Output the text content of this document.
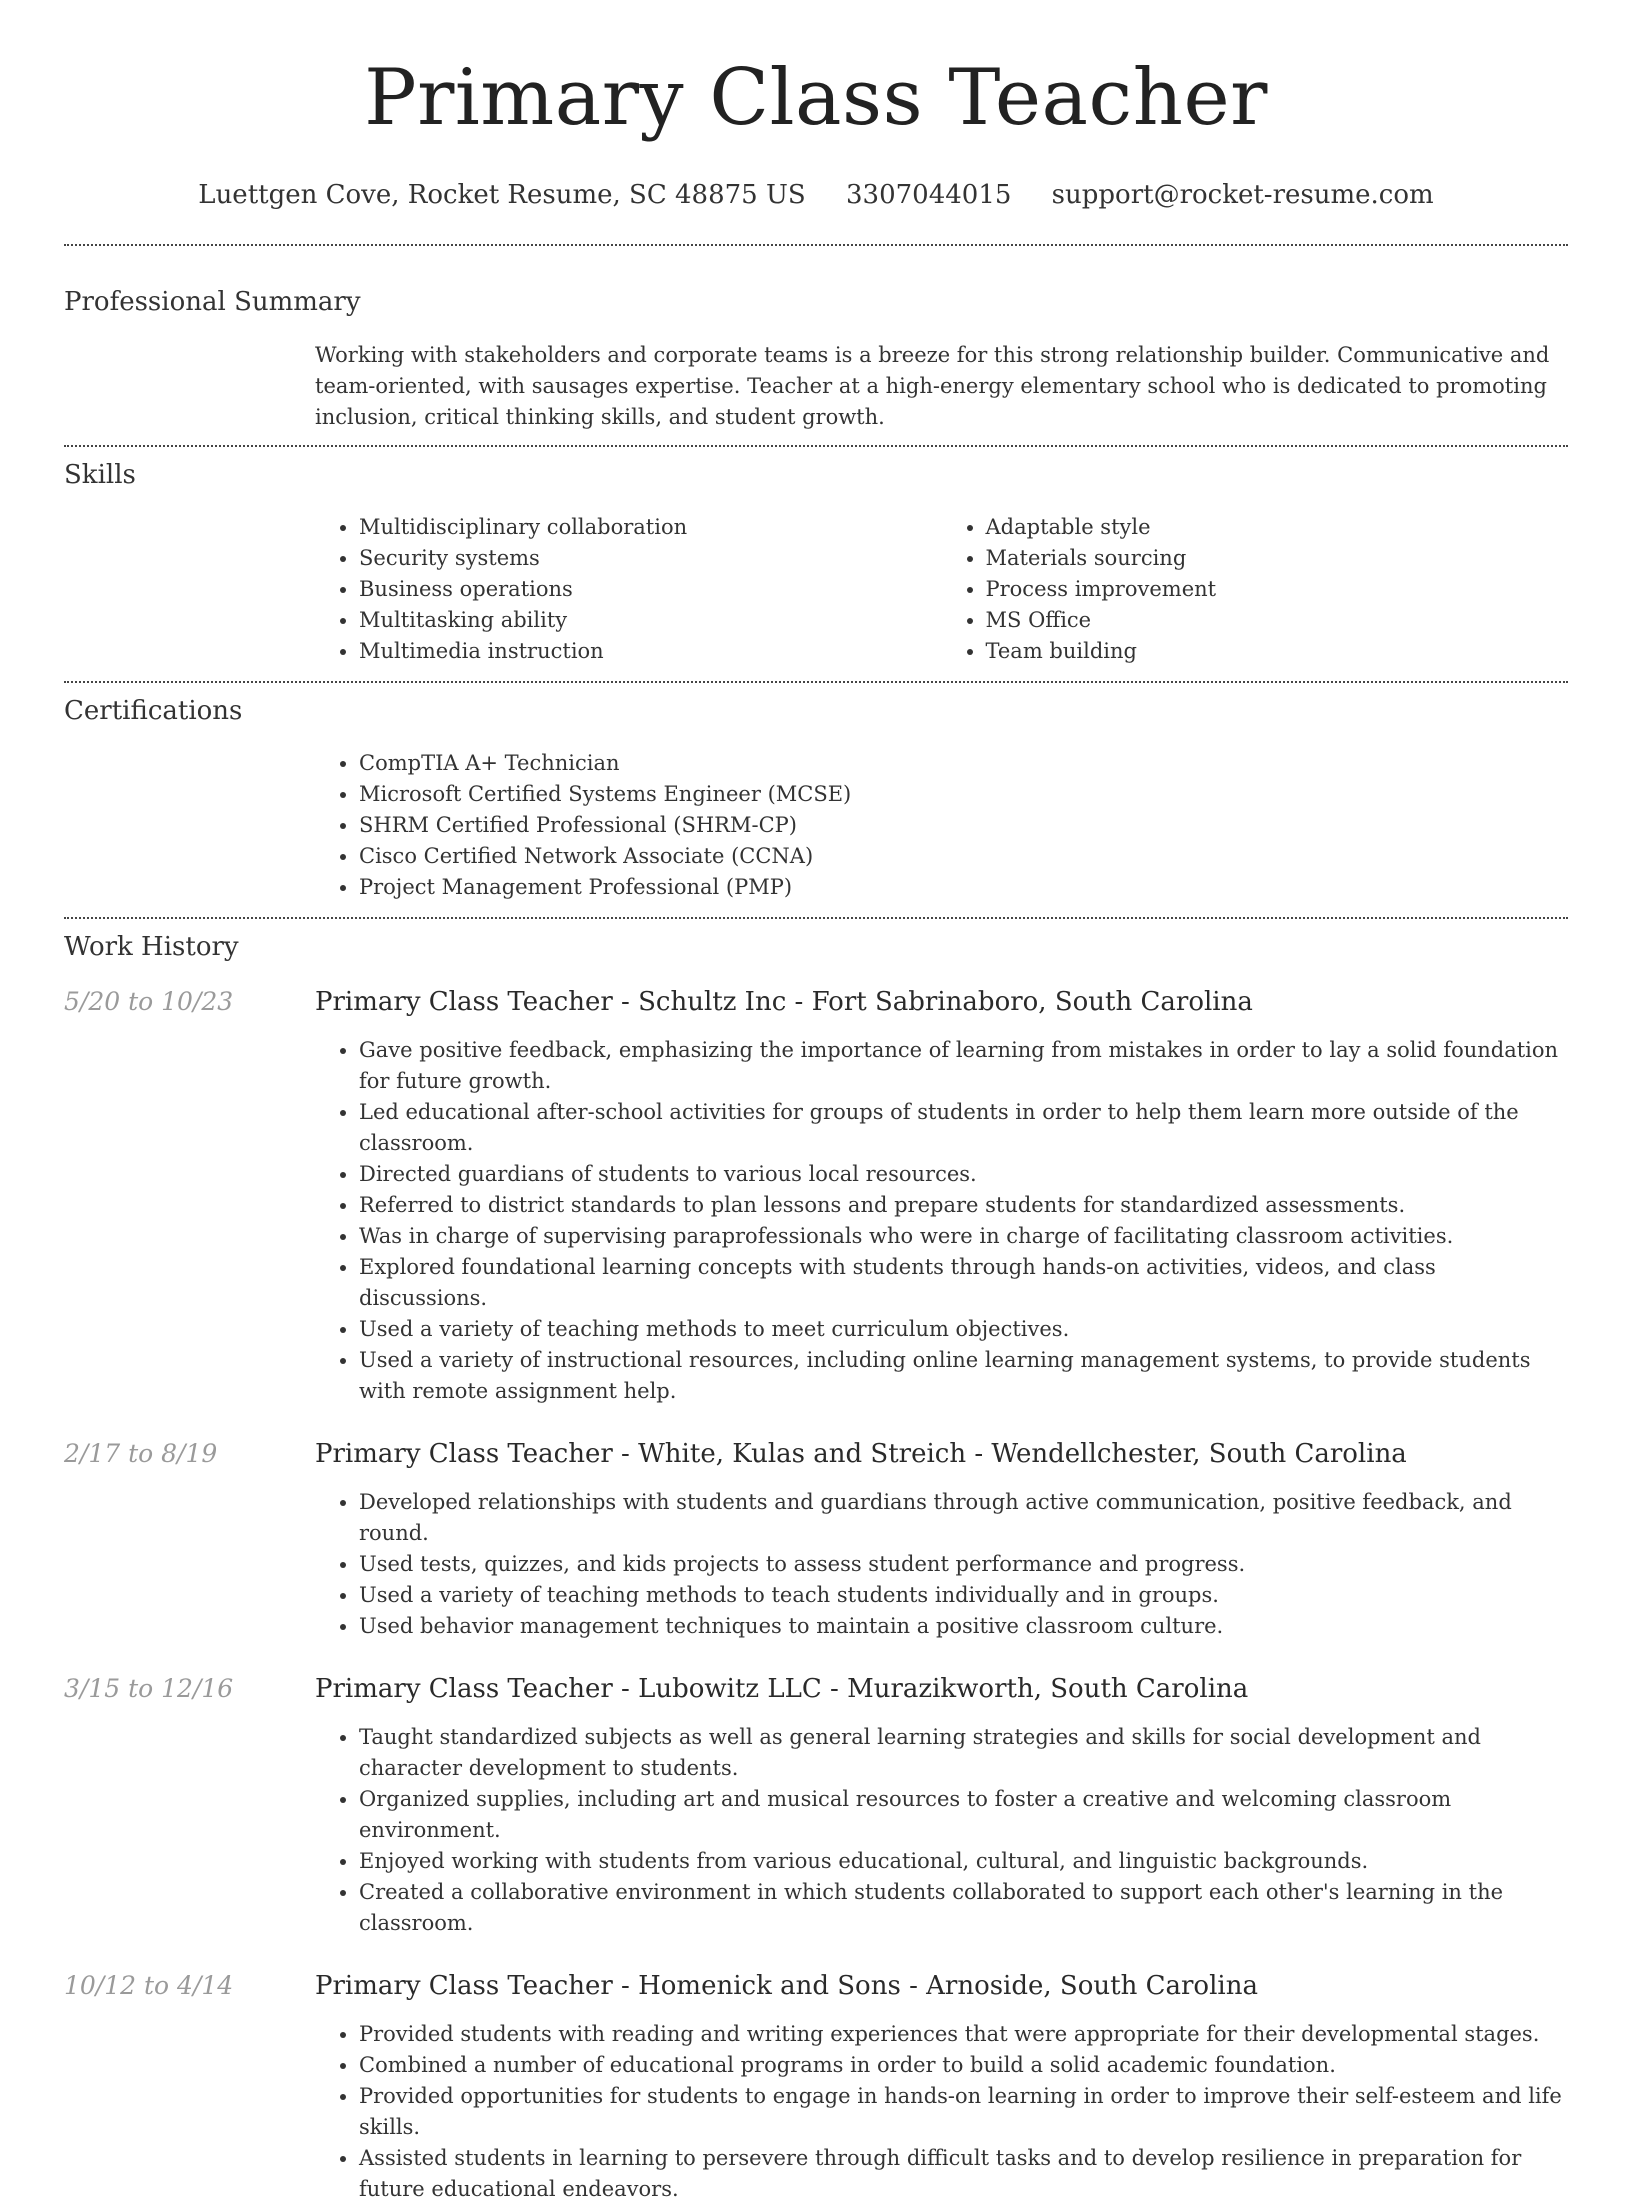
Primary Class Teacher
Luettgen Cove, Rocket Resume, SC 48875 US 3307044015 support@rocket-resume.com
Professional Summary

Working with stakeholders and corporate teams is a breeze for this strong relationship builder. Communicative and team-oriented, with sausages expertise. Teacher at a high-energy elementary school who is dedicated to promoting inclusion, critical thinking skills, and student growth.

Skills
• Multidisciplinary collaboration
• Security systems
• Business operations
• Multitasking ability
• Multimedia instruction
• Adaptable style
• Materials sourcing
• Process improvement
• MS Office
• Team building
Certifications
• CompTIA A+ Technician
• Microsoft Certified Systems Engineer (MCSE)
• SHRM Certified Professional (SHRM-CP)
• Cisco Certified Network Associate (CCNA)
• Project Management Professional (PMP)
Work History
5/20 to 10/23	Primary Class Teacher - Schultz Inc - Fort Sabrinaboro, South Carolina
• Gave positive feedback, emphasizing the importance of learning from mistakes in order to lay a solid foundation for future growth.
• Led educational after-school activities for groups of students in order to help them learn more outside of the classroom.
• Directed guardians of students to various local resources.
• Referred to district standards to plan lessons and prepare students for standardized assessments.
• Was in charge of supervising paraprofessionals who were in charge of facilitating classroom activities.
• Explored foundational learning concepts with students through hands-on activities, videos, and class discussions.
• Used a variety of teaching methods to meet curriculum objectives.
• Used a variety of instructional resources, including online learning management systems, to provide students with remote assignment help.
2/17 to 8/19	Primary Class Teacher - White, Kulas and Streich - Wendellchester, South Carolina
• Developed relationships with students and guardians through active communication, positive feedback, and round.
• Used tests, quizzes, and kids projects to assess student performance and progress.
• Used a variety of teaching methods to teach students individually and in groups.
• Used behavior management techniques to maintain a positive classroom culture.
3/15 to 12/16	Primary Class Teacher - Lubowitz LLC - Murazikworth, South Carolina
• Taught standardized subjects as well as general learning strategies and skills for social development and character development to students.
• Organized supplies, including art and musical resources to foster a creative and welcoming classroom environment.
• Enjoyed working with students from various educational, cultural, and linguistic backgrounds.
• Created a collaborative environment in which students collaborated to support each other's learning in the classroom.
10/12 to 4/14	Primary Class Teacher - Homenick and Sons - Arnoside, South Carolina
• Provided students with reading and writing experiences that were appropriate for their developmental stages.
• Combined a number of educational programs in order to build a solid academic foundation.
• Provided opportunities for students to engage in hands-on learning in order to improve their self-esteem and life skills.
• Assisted students in learning to persevere through difficult tasks and to develop resilience in preparation for future educational endeavors.
